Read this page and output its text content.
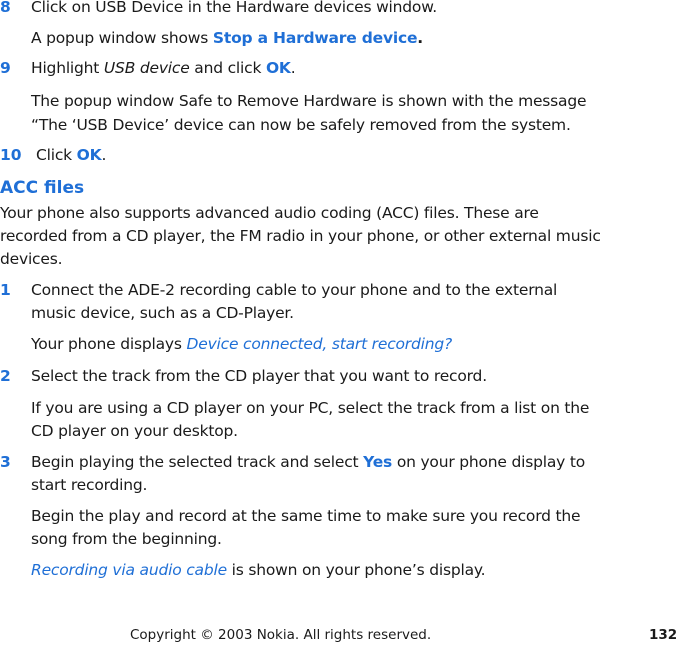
8 Click on USB Device in the Hardware devices window.
A popup window shows Stop a Hardware device.
9 Highlight USB device and click OK.
The popup window Safe to Remove Hardware is shown with the message
“The ‘USB Device’ device can now be safely removed from the system.
10 Click OK.
ACC files
Your phone also supports advanced audio coding (ACC) files. These are
recorded from a CD player, the FM radio in your phone, or other external music
devices.
1 Connect the ADE-2 recording cable to your phone and to the external
music device, such as a CD-Player.
Your phone displays Device connected, start recording?
2 Select the track from the CD player that you want to record.
If you are using a CD player on your PC, select the track from a list on the
CD player on your desktop.
3 Begin playing the selected track and select Yes on your phone display to
start recording.
Begin the play and record at the same time to make sure you record the
song from the beginning.
Recording via audio cable is shown on your phone’s display.
Copyright © 2003 Nokia. All rights reserved.	132
